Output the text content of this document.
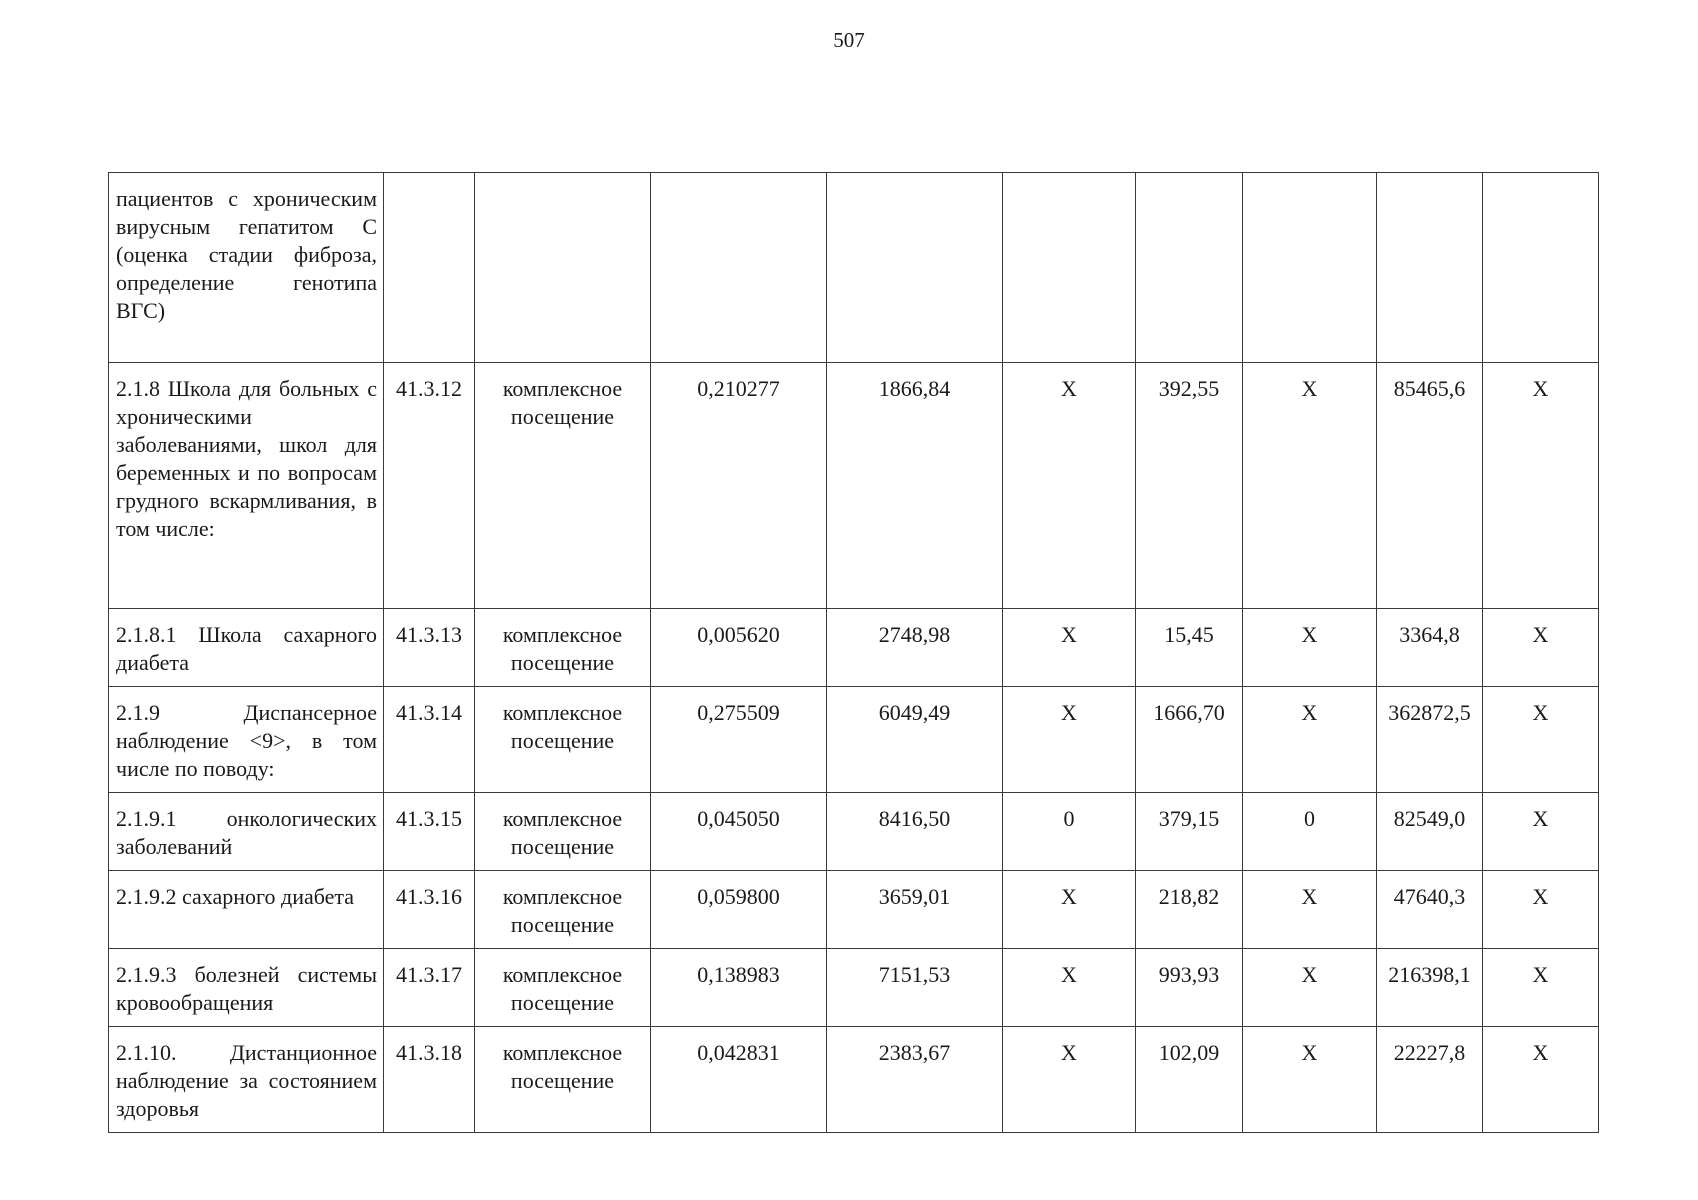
507
пациентов с хроническим вирусным гепатитом С (оценка стадии фиброза, определение генотипа ВГС)									
2.1.8 Школа для больных с хроническими заболеваниями, школ для беременных и по вопросам грудного вскармливания, в том числе:	41.3.12	комплексное посещение	0,210277	1866,84	Х	392,55	Х	85465,6	Х
2.1.8.1 Школа сахарного диабета	41.3.13	комплексное посещение	0,005620	2748,98	Х	15,45	Х	3364,8	Х
2.1.9 Диспансерное наблюдение <9>, в том числе по поводу:	41.3.14	комплексное посещение	0,275509	6049,49	Х	1666,70	Х	362872,5	Х
2.1.9.1 онкологических заболеваний	41.3.15	комплексное посещение	0,045050	8416,50	0	379,15	0	82549,0	Х
2.1.9.2 сахарного диабета	41.3.16	комплексное посещение	0,059800	3659,01	Х	218,82	Х	47640,3	Х
2.1.9.3 болезней системы кровообращения	41.3.17	комплексное посещение	0,138983	7151,53	Х	993,93	Х	216398,1	Х
2.1.10. Дистанционное наблюдение за состоянием здоровья	41.3.18	комплексное посещение	0,042831	2383,67	Х	102,09	Х	22227,8	Х
